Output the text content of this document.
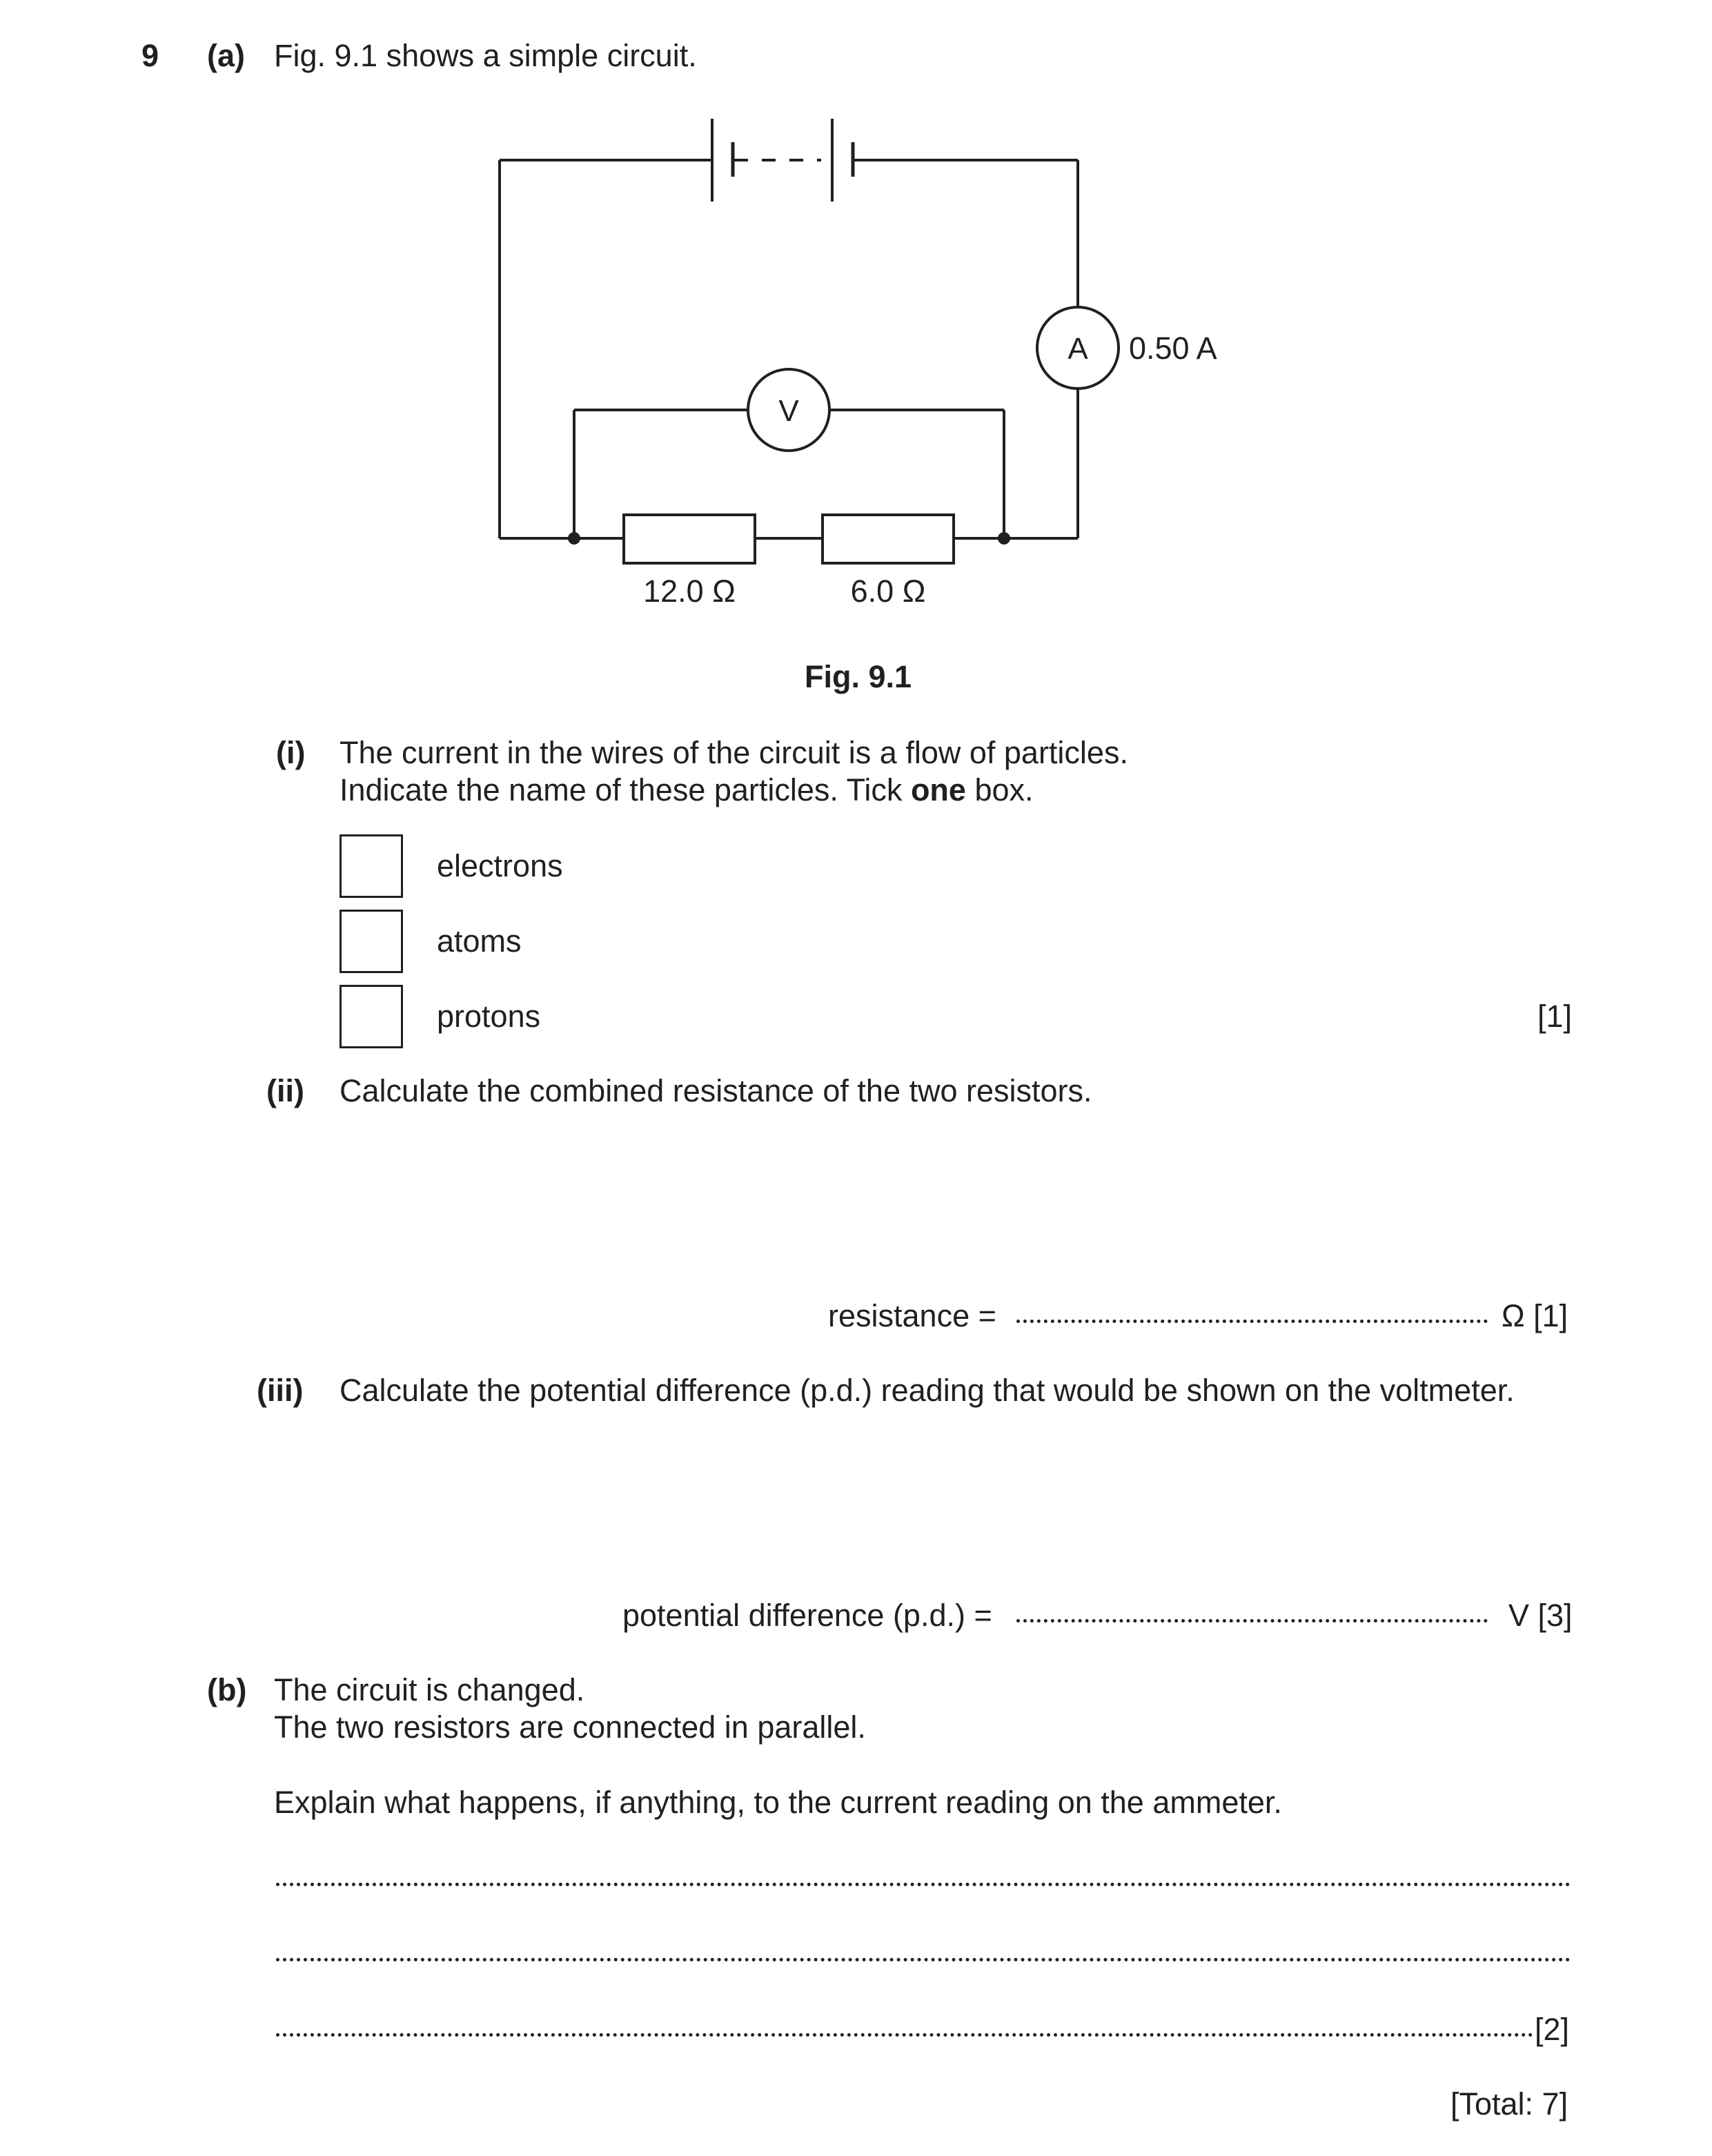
9 (a) Fig. 9.1 shows a simple circuit.
A
V
0.50 A
12.0 Ω	6.0 Ω
Fig. 9.1
(i) The current in the wires of the circuit is a flow of particles.
Indicate the name of these particles. Tick one box.
electrons
atoms
protons	[1]
(ii) Calculate the combined resistance of the two resistors.
resistance =	Ω [1]
(iii) Calculate the potential difference (p.d.) reading that would be shown on the voltmeter.
potential difference (p.d.) =	V [3]
(b) The circuit is changed.
The two resistors are connected in parallel.
Explain what happens, if anything, to the current reading on the ammeter.
[2]
[Total: 7]
